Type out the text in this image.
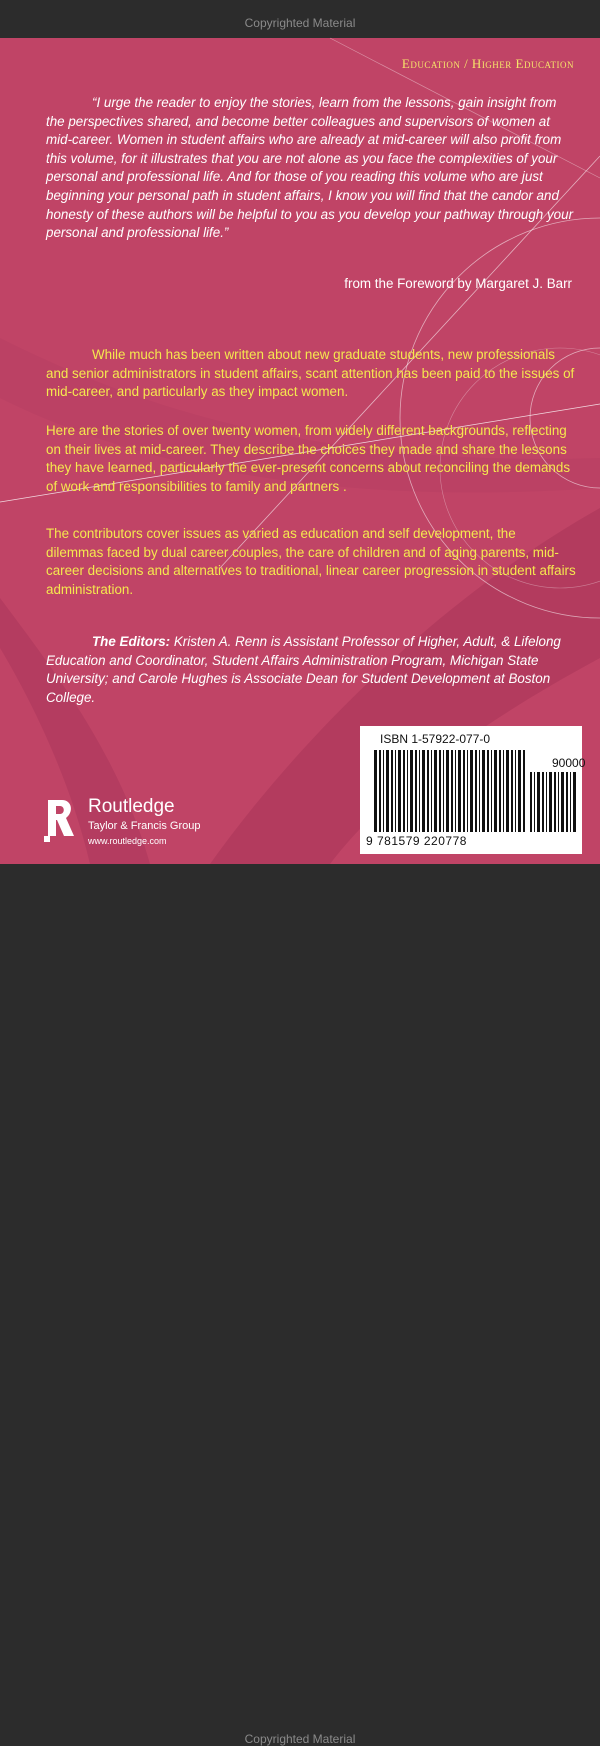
Copyrighted Material
Education / Higher Education
“I urge the reader to enjoy the stories, learn from the lessons, gain insight from the perspectives shared, and become better colleagues and supervisors of women at mid-career. Women in student affairs who are already at mid-career will also profit from this volume, for it illustrates that you are not alone as you face the complexities of your personal and professional life. And for those of you reading this volume who are just beginning your personal path in student affairs, I know you will find that the candor and honesty of these authors will be helpful to you as you develop your pathway through your personal and professional life.”
from the Foreword by Margaret J. Barr
While much has been written about new graduate students, new professionals and senior administrators in student affairs, scant attention has been paid to the issues of mid-career, and particularly as they impact women.
Here are the stories of over twenty women, from widely different backgrounds, reflecting on their lives at mid-career. They describe the choices they made and share the lessons they have learned, particularly the ever-present concerns about reconciling the demands of work and responsibilities to family and partners .
The contributors cover issues as varied as education and self development, the dilemmas faced by dual career couples, the care of children and of aging parents, mid-career decisions and alternatives to traditional, linear career progression in student affairs administration.
The Editors: Kristen A. Renn is Assistant Professor of Higher, Adult, & Lifelong Education and Coordinator, Student Affairs Administration Program, Michigan State University; and Carole Hughes is Associate Dean for Student Development at Boston College.
Routledge
Taylor & Francis Group
www.routledge.com
ISBN 1-57922-077-0
90000
9 781579 220778
Copyrighted Material
